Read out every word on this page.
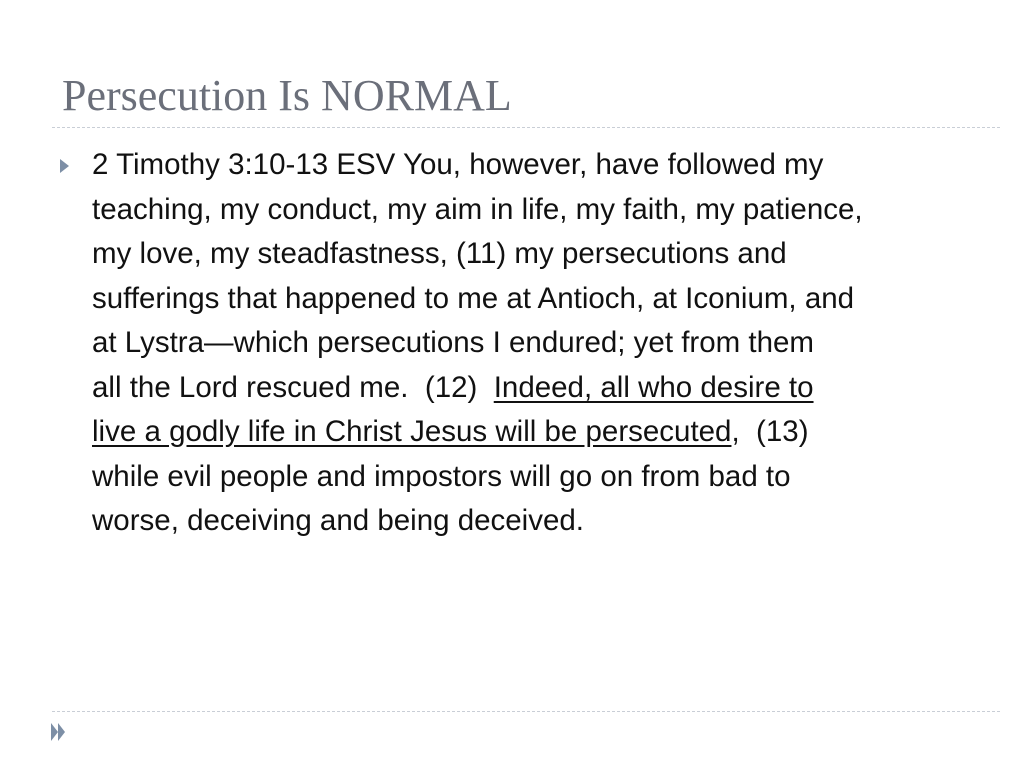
Persecution Is NORMAL
2 Timothy 3:10-13 ESV You, however, have followed my
teaching, my conduct, my aim in life, my faith, my patience,
my love, my steadfastness, (11) my persecutions and
sufferings that happened to me at Antioch, at Iconium, and
at Lystra—which persecutions I endured; yet from them
all the Lord rescued me.  (12)  Indeed, all who desire to
live a godly life in Christ Jesus will be persecuted,  (13)
while evil people and impostors will go on from bad to
worse, deceiving and being deceived.
